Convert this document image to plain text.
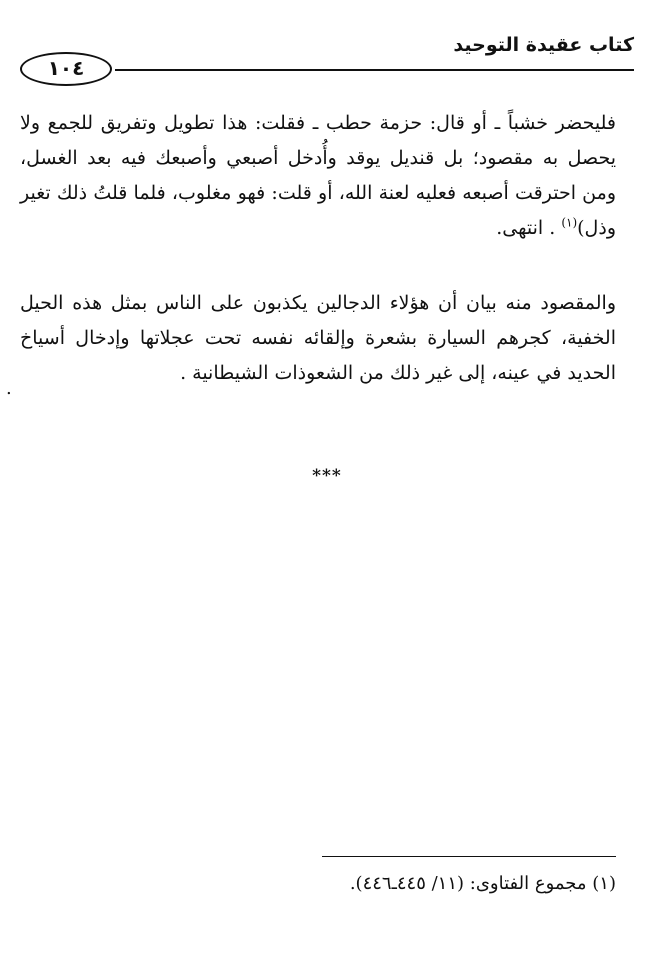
كتاب عقيدة التوحيد
١٠٤

فليحضر خشباً ـ أو قال: حزمة حطب ـ فقلت: هذا تطويل وتفريق للجمع ولا يحصل به مقصود؛ بل قنديل يوقد وأُدخل أصبعي وأصبعك فيه بعد الغسل، ومن احترقت أصبعه فعليه لعنة الله، أو قلت: فهو مغلوب، فلما قلتُ ذلك تغير وذل)$^{(١)}$ . انتهى.

والمقصود منه بيان أن هؤلاء الدجالين يكذبون على الناس بمثل هذه الحيل الخفية، كجرهم السيارة بشعرة وإلقائه نفسه تحت عجلاتها وإدخال أسياخ الحديد في عينه، إلى غير ذلك من الشعوذات الشيطانية .

.
***
(١) مجموع الفتاوى: (١١/ ٤٤٥ـ٤٤٦).
